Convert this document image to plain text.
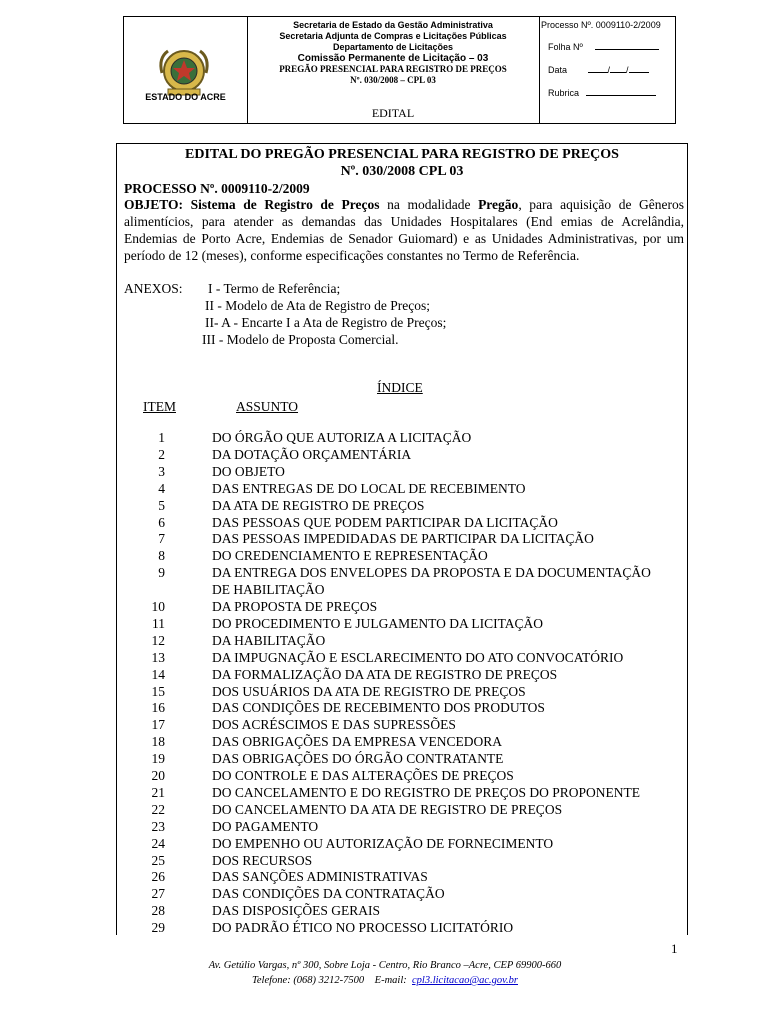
ESTADO DO ACRE
Secretaria de Estado da Gestão Administrativa
Secretaria Adjunta de Compras e Licitações Públicas
Departamento de Licitações
Comissão Permanente de Licitação – 03
PREGÃO PRESENCIAL PARA REGISTRO DE PREÇOS
Nº. 030/2008 – CPL 03
EDITAL
Processo Nº. 0009110-2/2009
Folha Nº
Data	/ /
Rubrica
EDITAL DO PREGÃO PRESENCIAL PARA REGISTRO DE PREÇOS
Nº. 030/2008 CPL 03
PROCESSO Nº. 0009110-2/2009
OBJETO: Sistema de Registro de Preços na modalidade Pregão, para aquisição de Gêneros alimentícios, para atender as demandas das Unidades Hospitalares (End emias de Acrelândia, Endemias de Porto Acre, Endemias de Senador Guiomard) e as Unidades Administrativas, por um período de 12 (meses), conforme especificações constantes no Termo de Referência.
ANEXOS: I - Termo de Referência;
II - Modelo de Ata de Registro de Preços;
II- A - Encarte I a Ata de Registro de Preços;
III - Modelo de Proposta Comercial.
ÍNDICE
ITEM	ASSUNTO
1	DO ÓRGÃO QUE AUTORIZA A LICITAÇÃO
2	DA DOTAÇÃO ORÇAMENTÁRIA
3	DO OBJETO
4	DAS ENTREGAS DE DO LOCAL DE RECEBIMENTO
5	DA ATA DE REGISTRO DE PREÇOS
6	DAS PESSOAS QUE PODEM PARTICIPAR DA LICITAÇÃO
7	DAS PESSOAS IMPEDIDADAS DE PARTICIPAR DA LICITAÇÃO
8	DO CREDENCIAMENTO E REPRESENTAÇÃO
9	DA ENTREGA DOS ENVELOPES DA PROPOSTA E DA DOCUMENTAÇÃO
DE HABILITAÇÃO
10	DA PROPOSTA DE PREÇOS
11	DO PROCEDIMENTO E JULGAMENTO DA LICITAÇÃO
12	DA HABILITAÇÃO
13	DA IMPUGNAÇÃO E ESCLARECIMENTO DO ATO CONVOCATÓRIO
14	DA FORMALIZAÇÃO DA ATA DE REGISTRO DE PREÇOS
15	DOS USUÁRIOS DA ATA DE REGISTRO DE PREÇOS
16	DAS CONDIÇÕES DE RECEBIMENTO DOS PRODUTOS
17	DOS ACRÉSCIMOS E DAS SUPRESSÕES
18	DAS OBRIGAÇÕES DA EMPRESA VENCEDORA
19	DAS OBRIGAÇÕES DO ÓRGÃO CONTRATANTE
20	DO CONTROLE E DAS ALTERAÇÕES DE PREÇOS
21	DO CANCELAMENTO E DO REGISTRO DE PREÇOS DO PROPONENTE
22	DO CANCELAMENTO DA ATA DE REGISTRO DE PREÇOS
23	DO PAGAMENTO
24	DO EMPENHO OU AUTORIZAÇÃO DE FORNECIMENTO
25	DOS RECURSOS
26	DAS SANÇÕES ADMINISTRATIVAS
27	DAS CONDIÇÕES DA CONTRATAÇÃO
28	DAS DISPOSIÇÕES GERAIS
29	DO PADRÃO ÉTICO NO PROCESSO LICITATÓRIO
1
Av. Getúlio Vargas, nº 300, Sobre Loja - Centro, Rio Branco –Acre, CEP 69900-660
Telefone: (068) 3212-7500    E-mail:  cpl3.licitacao@ac.gov.br
